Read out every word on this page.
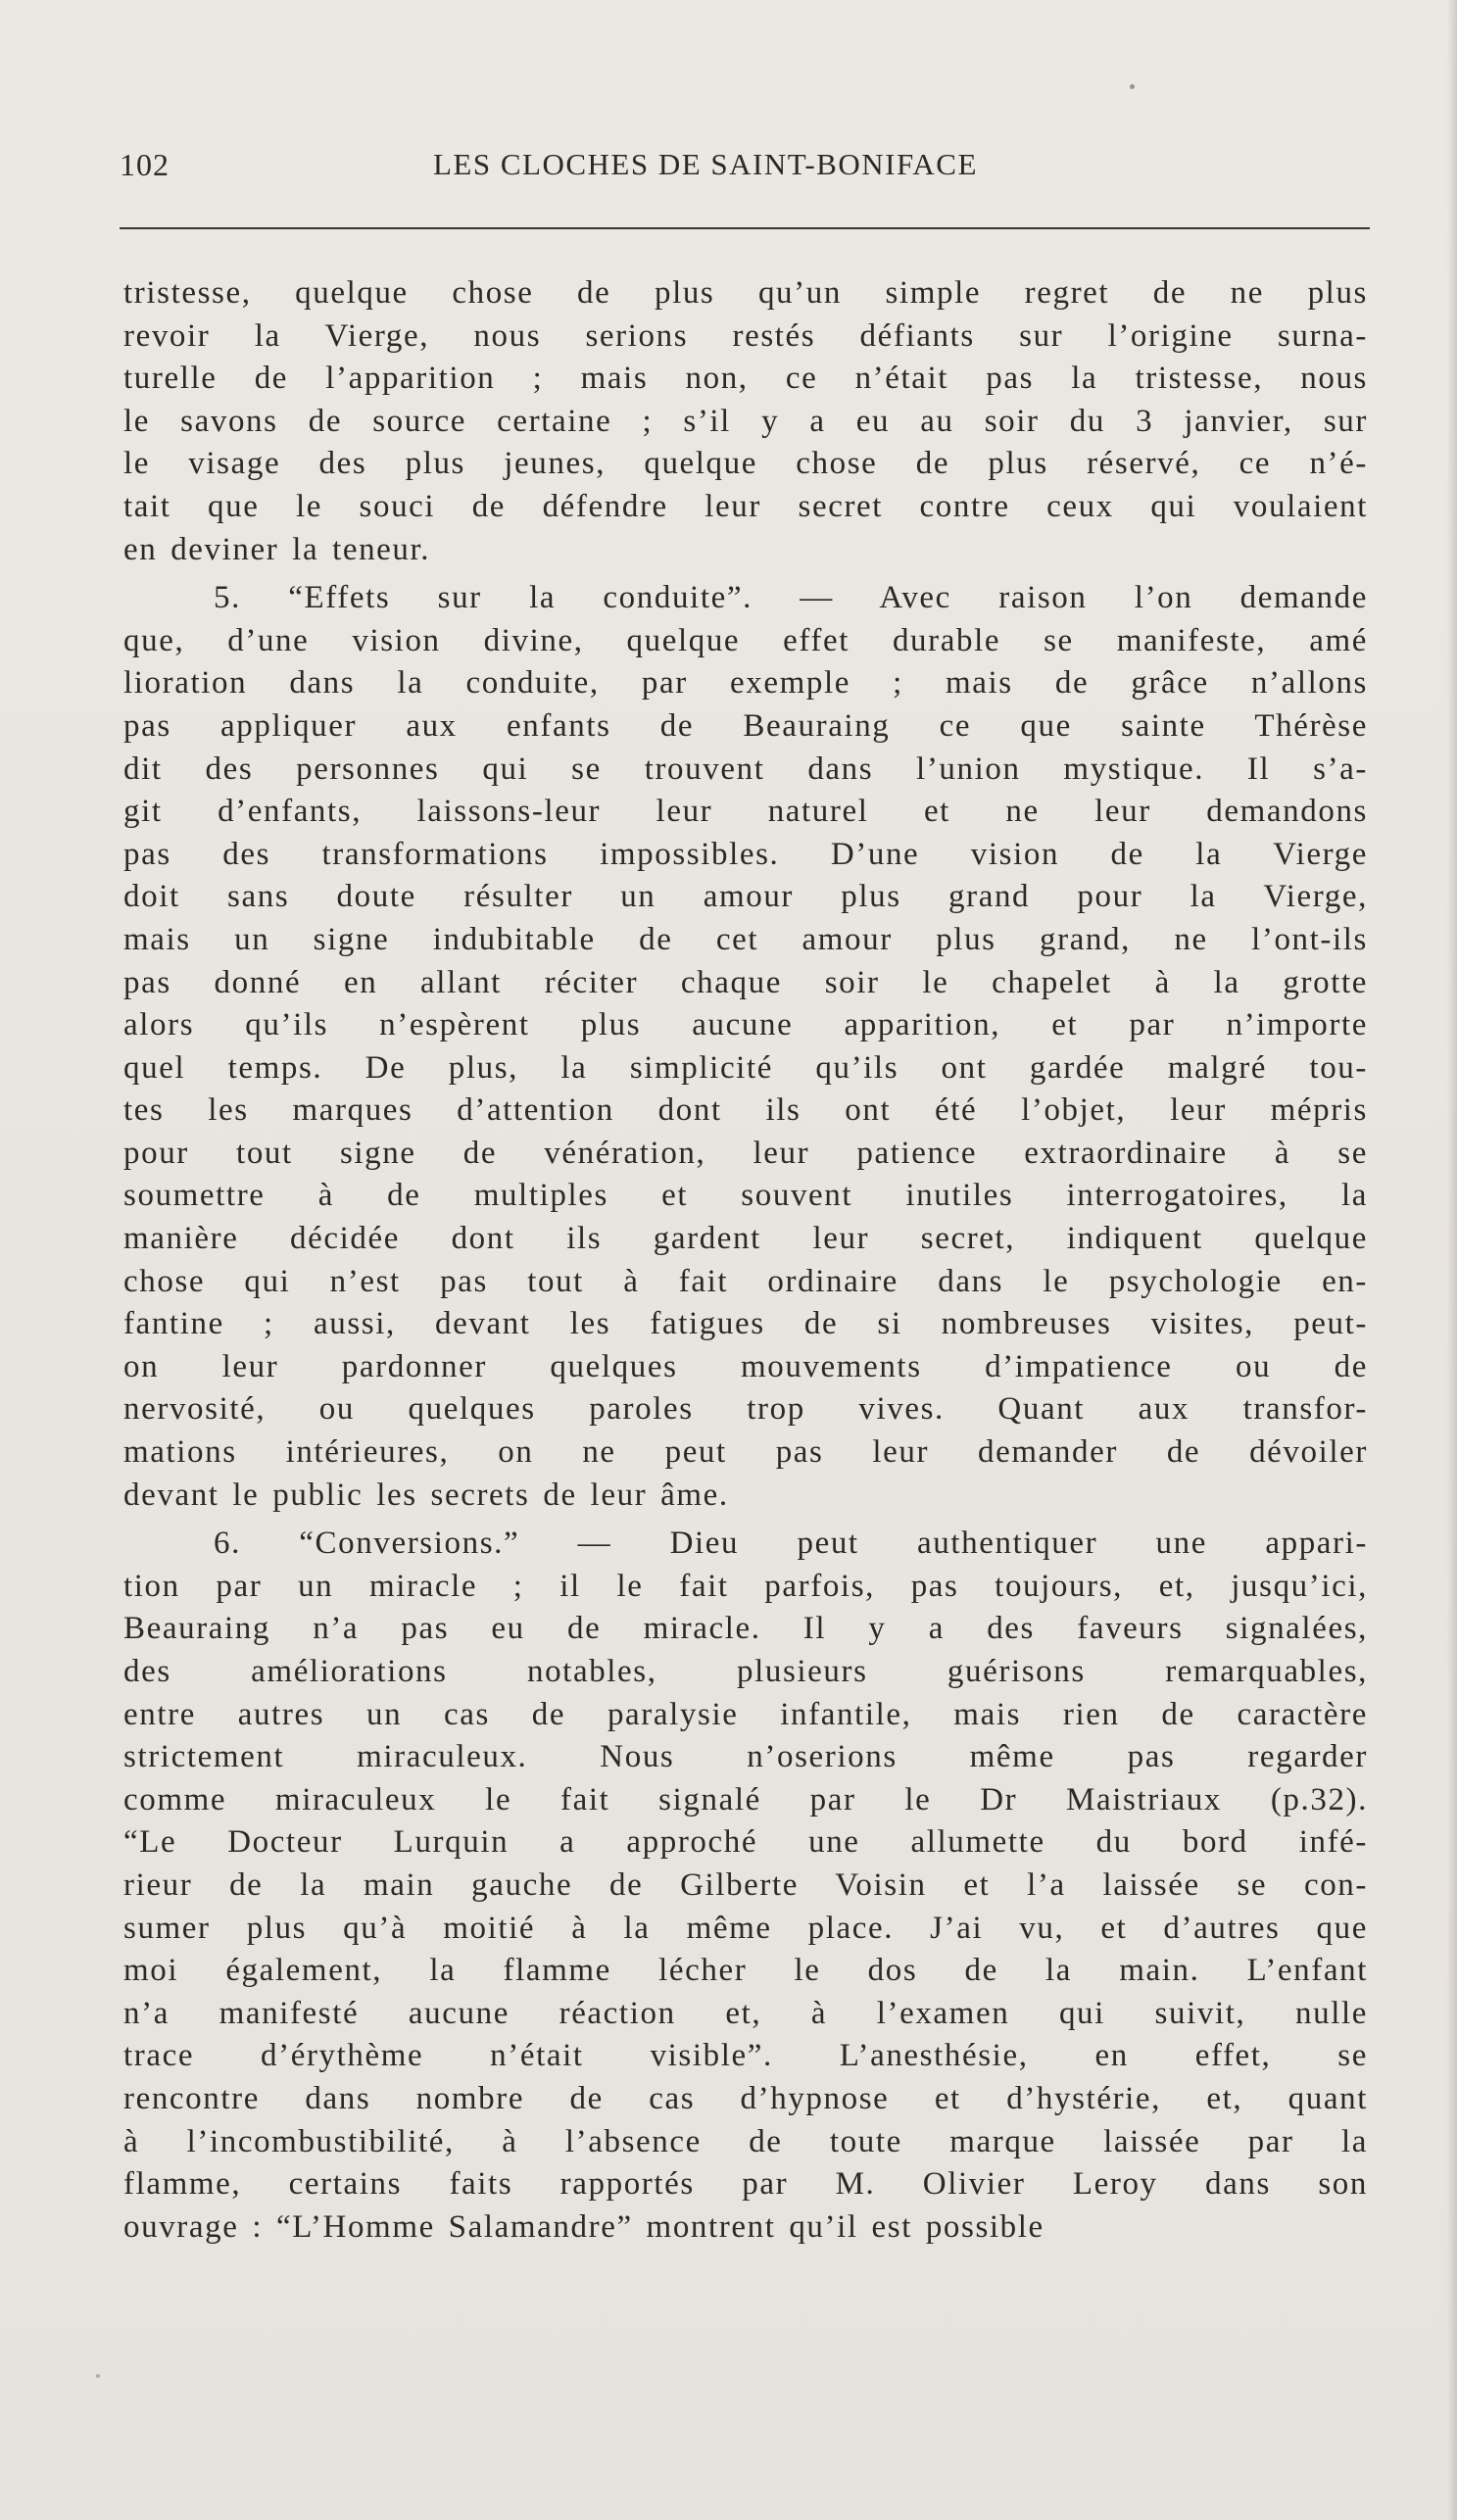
102	LES CLOCHES DE SAINT-BONIFACE
tristesse, quelque chose de plus qu’un simple regret de ne plus
revoir la Vierge, nous serions restés défiants sur l’origine surna-
turelle de l’apparition ; mais non, ce n’était pas la tristesse, nous
le savons de source certaine ; s’il y a eu au soir du 3 janvier, sur
le visage des plus jeunes, quelque chose de plus réservé, ce n’é-
tait que le souci de défendre leur secret contre ceux qui voulaient
en deviner la teneur.
5. “Effets sur la conduite”. — Avec raison l’on demande
que, d’une vision divine, quelque effet durable se manifeste, amé
lioration dans la conduite, par exemple ; mais de grâce n’allons
pas appliquer aux enfants de Beauraing ce que sainte Thérèse
dit des personnes qui se trouvent dans l’union mystique. Il s’a-
git d’enfants, laissons-leur leur naturel et ne leur demandons
pas des transformations impossibles. D’une vision de la Vierge
doit sans doute résulter un amour plus grand pour la Vierge,
mais un signe indubitable de cet amour plus grand, ne l’ont-ils
pas donné en allant réciter chaque soir le chapelet à la grotte
alors qu’ils n’espèrent plus aucune apparition, et par n’importe
quel temps. De plus, la simplicité qu’ils ont gardée malgré tou-
tes les marques d’attention dont ils ont été l’objet, leur mépris
pour tout signe de vénération, leur patience extraordinaire à se
soumettre à de multiples et souvent inutiles interrogatoires, la
manière décidée dont ils gardent leur secret, indiquent quelque
chose qui n’est pas tout à fait ordinaire dans le psychologie en-
fantine ; aussi, devant les fatigues de si nombreuses visites, peut-
on leur pardonner quelques mouvements d’impatience ou de
nervosité, ou quelques paroles trop vives. Quant aux transfor-
mations intérieures, on ne peut pas leur demander de dévoiler
devant le public les secrets de leur âme.
6. “Conversions.” — Dieu peut authentiquer une appari-
tion par un miracle ; il le fait parfois, pas toujours, et, jusqu’ici,
Beauraing n’a pas eu de miracle. Il y a des faveurs signalées,
des améliorations notables, plusieurs guérisons remarquables,
entre autres un cas de paralysie infantile, mais rien de caractère
strictement miraculeux. Nous n’oserions même pas regarder
comme miraculeux le fait signalé par le Dr Maistriaux (p.32).
“Le Docteur Lurquin a approché une allumette du bord infé-
rieur de la main gauche de Gilberte Voisin et l’a laissée se con-
sumer plus qu’à moitié à la même place. J’ai vu, et d’autres que
moi également, la flamme lécher le dos de la main. L’enfant
n’a manifesté aucune réaction et, à l’examen qui suivit, nulle
trace d’érythème n’était visible”. L’anesthésie, en effet, se
rencontre dans nombre de cas d’hypnose et d’hystérie, et, quant
à l’incombustibilité, à l’absence de toute marque laissée par la
flamme, certains faits rapportés par M. Olivier Leroy dans son
ouvrage : “L’Homme Salamandre” montrent qu’il est possible
